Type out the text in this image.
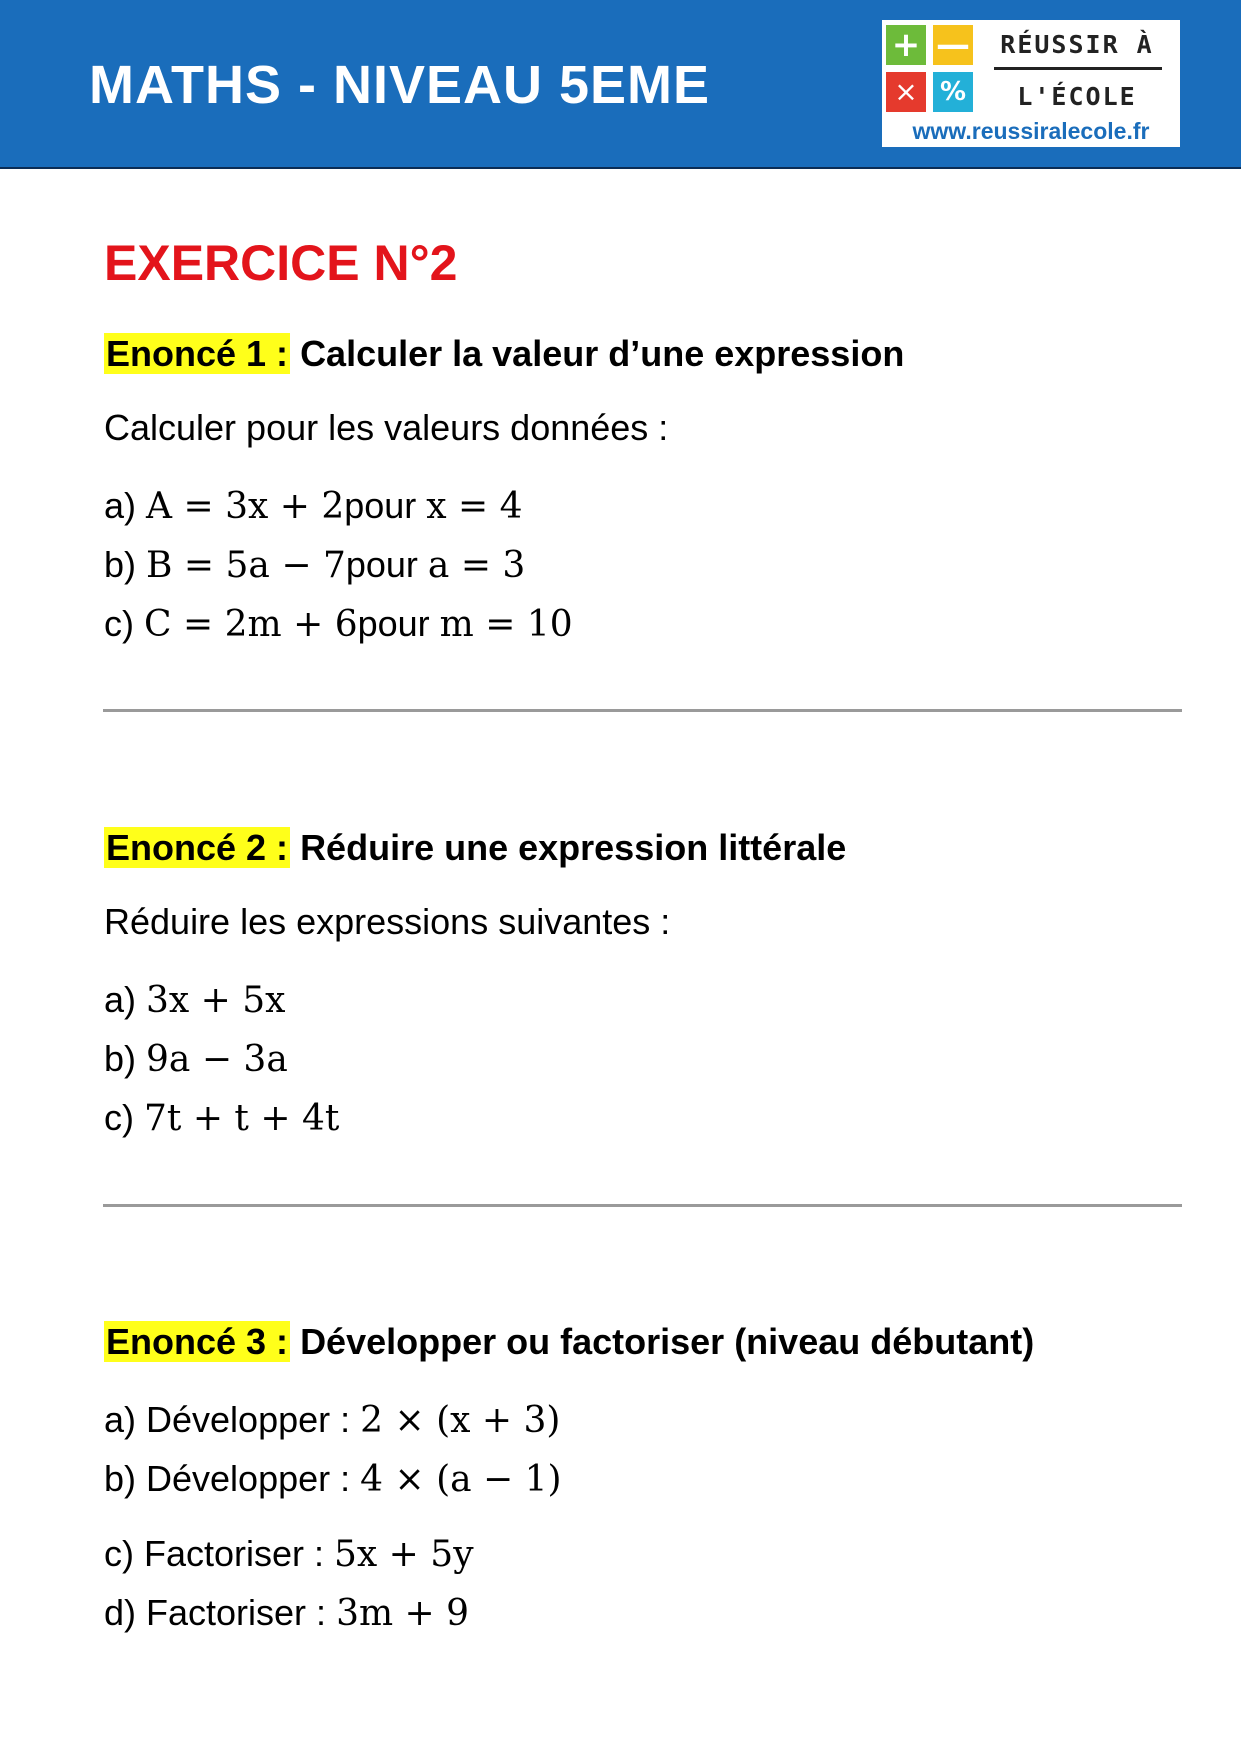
MATHS - NIVEAU 5EME
+ —
× %
RÉUSSIR À
L'ÉCOLE
www.reussiralecole.fr
EXERCICE N°2
Enoncé 1 : Calculer la valeur d’une expression
Calculer pour les valeurs données :
a) A = 3x + 2pour x = 4
b) B = 5a − 7pour a = 3
c) C = 2m + 6pour m = 10
Enoncé 2 : Réduire une expression littérale
Réduire les expressions suivantes :
a) 3x + 5x
b) 9a − 3a
c) 7t + t + 4t
Enoncé 3 : Développer ou factoriser (niveau débutant)
a) Développer : 2 × (x + 3)
b) Développer : 4 × (a − 1)
c) Factoriser : 5x + 5y
d) Factoriser : 3m + 9
